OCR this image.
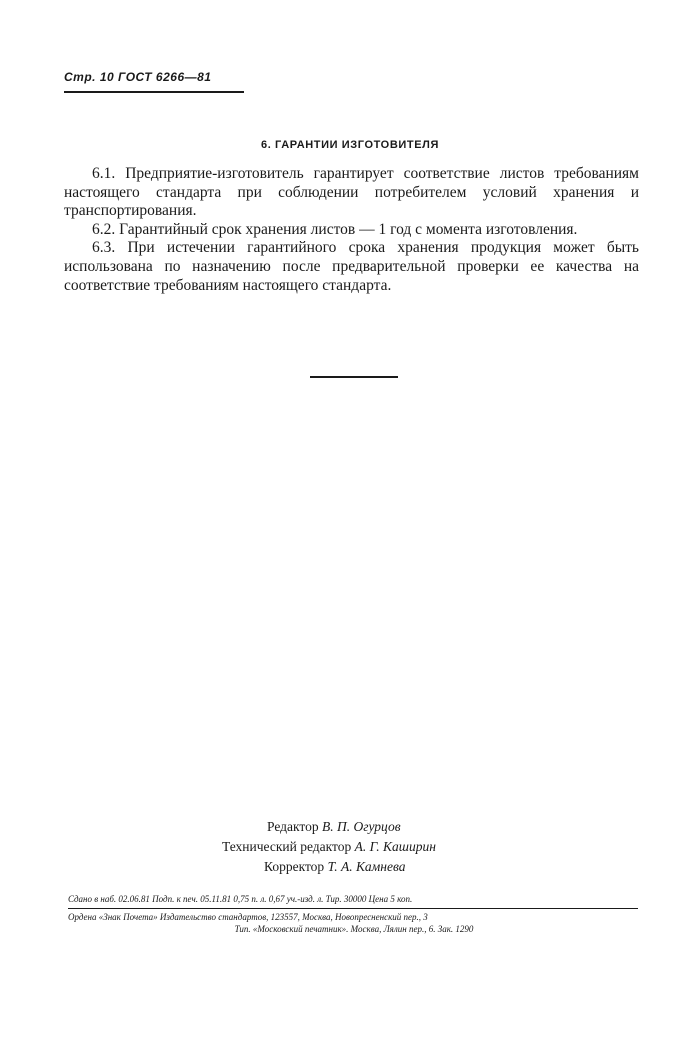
Стр. 10 ГОСТ 6266—81
6. ГАРАНТИИ ИЗГОТОВИТЕЛЯ

6.1. Предприятие-изготовитель гарантирует соответствие листов требованиям настоящего стандарта при соблюдении потребителем условий хранения и транспортирования.

6.2. Гарантийный срок хранения листов — 1 год с момента изготовления.

6.3. При истечении гарантийного срока хранения продукция может быть использована по назначению после предварительной проверки ее качества на соответствие требованиям настоящего стандарта.

Редактор В. П. Огурцов
Технический редактор А. Г. Каширин
Корректор Т. А. Камнева
Сдано в наб. 02.06.81 Подп. к печ. 05.11.81 0,75 п. л. 0,67 уч.-изд. л. Тир. 30000 Цена 5 коп.
Ордена «Знак Почета» Издательство стандартов, 123557, Москва, Новопресненский пер., 3
Тип. «Московский печатник». Москва, Лялин пер., 6. Зак. 1290
